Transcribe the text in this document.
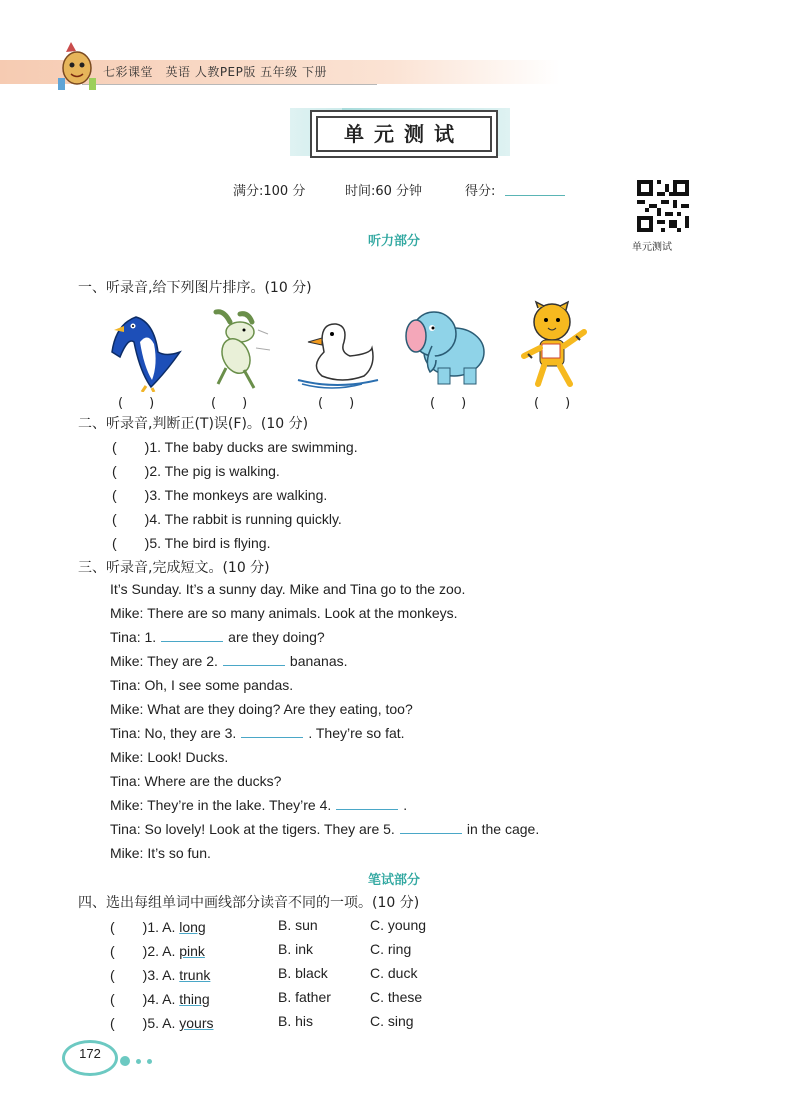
七彩课堂　英语 人教PEP版 五年级 下册
单元测试
满分:100 分	时间:60 分钟	得分:
单元测试
听力部分
一、听录音,给下列图片排序。(10 分)
(　　)	(　　)	(　　)	(　　)	(　　)
二、听录音,判断正(T)误(F)。(10 分)
(　　)1. The baby ducks are swimming.
(　　)2. The pig is walking.
(　　)3. The monkeys are walking.
(　　)4. The rabbit is running quickly.
(　　)5. The bird is flying.
三、听录音,完成短文。(10 分)
It’s Sunday. It’s a sunny day. Mike and Tina go to the zoo.
Mike: There are so many animals. Look at the monkeys.
Tina: 1.	are they doing?
Mike: They are 2.	bananas.
Tina: Oh, I see some pandas.
Mike: What are they doing? Are they eating, too?
Tina: No, they are 3.	. They’re so fat.
Mike: Look! Ducks.
Tina: Where are the ducks?
Mike: They’re in the lake. They’re 4.	.
Tina: So lovely! Look at the tigers. They are 5.	in the cage.
Mike: It’s so fun.
笔试部分
四、选出每组单词中画线部分读音不同的一项。(10 分)
(　　)1. A. long	B. sun	C. young
(　　)2. A. pink	B. ink	C. ring
(　　)3. A. trunk	B. black	C. duck
(　　)4. A. thing	B. father	C. these
(　　)5. A. yours	B. his	C. sing
172
